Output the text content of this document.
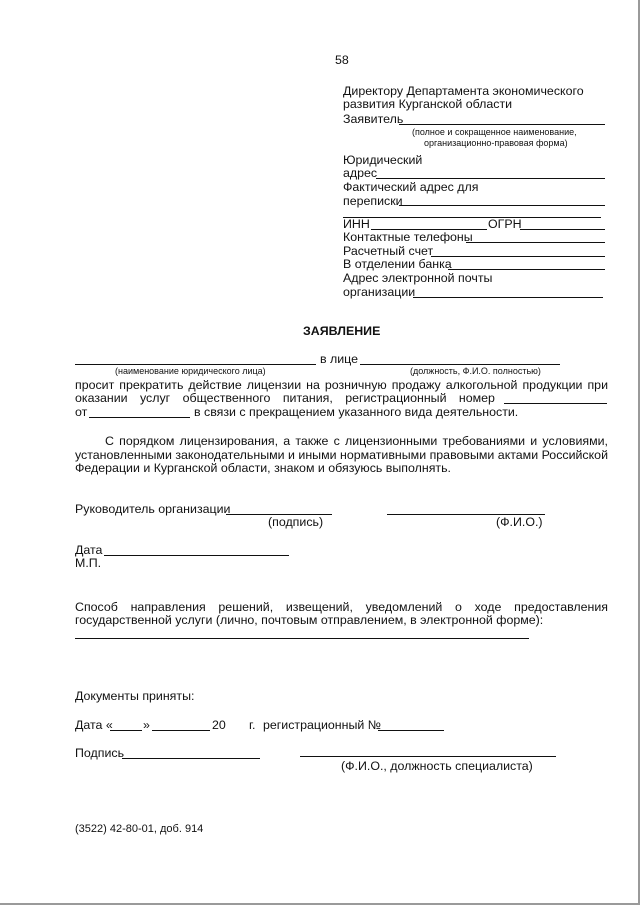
58
Директору Департамента экономического
развития Курганской области
Заявитель
(полное и сокращенное наименование,
организационно-правовая форма)
Юридический
адрес
Фактический адрес для
переписки
ИНН	ОГРН
Контактные телефоны
Расчетный счет
В отделении банка
Адрес электронной почты
организации
ЗАЯВЛЕНИЕ
в лице
(наименование юридического лица)	(должность, Ф.И.О. полностью)
просит прекратить действие лицензии на розничную продажу алкогольной продукции при
оказании услуг общественного питания, регистрационный номер
от	в связи с прекращением указанного вида деятельности.
С порядком лицензирования, а также с лицензионными требованиями и условиями,
установленными законодательными и иными нормативными правовыми актами Российской
Федерации и Курганской области, знаком и обязуюсь выполнять.
Руководитель организации
(подпись)	(Ф.И.О.)
Дата
М.П.
Способ направления решений, извещений, уведомлений о ходе предоставления
государственной услуги (лично, почтовым отправлением, в электронной форме):
Документы приняты:
Дата « »	20 г. регистрационный №
Подпись
(Ф.И.О., должность специалиста)
(3522) 42-80-01, доб. 914
